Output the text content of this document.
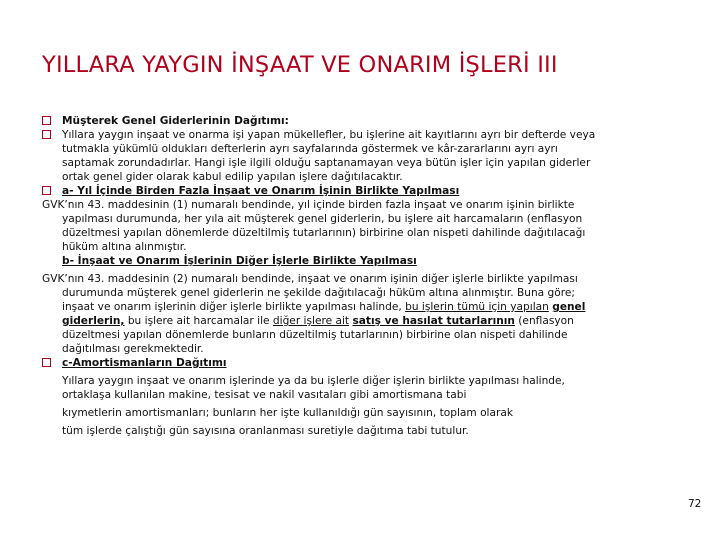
YILLARA YAYGIN İNŞAAT VE ONARIM İŞLERİ III
Müşterek Genel Giderlerinin Dağıtımı:
Yıllara yaygın inşaat ve onarma işi yapan mükellefler, bu işlerine ait kayıtlarını ayrı bir defterde veya
tutmakla yükümlü oldukları defterlerin ayrı sayfalarında göstermek ve kâr-zararlarını ayrı ayrı
saptamak zorundadırlar. Hangi işle ilgili olduğu saptanamayan veya bütün işler için yapılan giderler
ortak genel gider olarak kabul edilip yapılan işlere dağıtılacaktır.
a- Yıl İçinde Birden Fazla İnşaat ve Onarım İşinin Birlikte Yapılması
GVK’nın 43. maddesinin (1) numaralı bendinde, yıl içinde birden fazla inşaat ve onarım işinin birlikte
yapılması durumunda, her yıla ait müşterek genel giderlerin, bu işlere ait harcamaların (enflasyon
düzeltmesi yapılan dönemlerde düzeltilmiş tutarlarının) birbirine olan nispeti dahilinde dağıtılacağı
hüküm altına alınmıştır.
b- İnşaat ve Onarım İşlerinin Diğer İşlerle Birlikte Yapılması
GVK’nın 43. maddesinin (2) numaralı bendinde, inşaat ve onarım işinin diğer işlerle birlikte yapılması
durumunda müşterek genel giderlerin ne şekilde dağıtılacağı hüküm altına alınmıştır. Buna göre;
inşaat ve onarım işlerinin diğer işlerle birlikte yapılması halinde, bu işlerin tümü için yapılan genel
giderlerin, bu işlere ait harcamalar ile diğer işlere ait satış ve hasılat tutarlarının (enflasyon
düzeltmesi yapılan dönemlerde bunların düzeltilmiş tutarlarının) birbirine olan nispeti dahilinde
dağıtılması gerekmektedir.
c-Amortismanların Dağıtımı
Yıllara yaygın inşaat ve onarım işlerinde ya da bu işlerle diğer işlerin birlikte yapılması halinde,
ortaklaşa kullanılan makine, tesisat ve nakil vasıtaları gibi amortismana tabi
kıymetlerin amortismanları; bunların her işte kullanıldığı gün sayısının, toplam olarak
tüm işlerde çalıştığı gün sayısına oranlanması suretiyle dağıtıma tabi tutulur.
72
